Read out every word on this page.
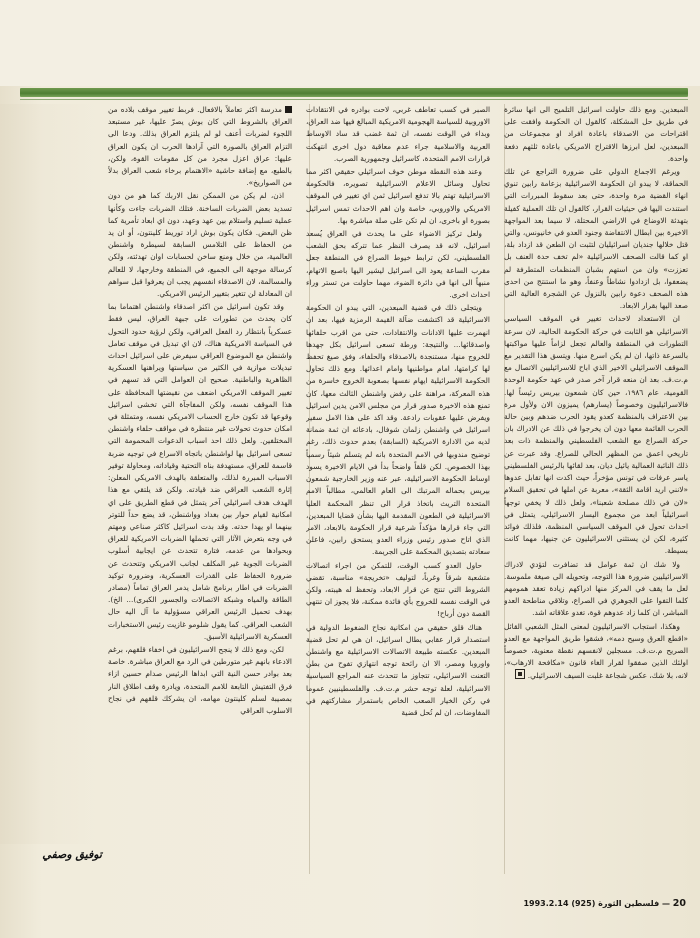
مدرسة اكثر تعاملاً بالافعال. فربط تغيير موقف بلاده من العراق بالشروط التي كان بوش يصرّ عليها، غير مستبعد اللجوء لضربات أعنف لو لم يلتزم العراق بذلك. ودعا الى التزام العراق بالصورة التي آرادها الحرب ان يكون العراق عليها: عراق اعزل مجرد من كل مقومات القوة، ولكن، بالطبع، مع إضافة حاشية «الاهتمام برخاء شعب العراق بدلاً من الصواريخ».

اذن، لم يكن من الممكن نقل الاربك كما هو من دون تسديد بعض الضربات الساخنة. فتلك الضربات جاءت وكأنها عملية تسليم واستلام بين عهد وعهد، دون اي ابعاد تأمرية كما ظن البعض. فكان يكون بوش اراد توريط كلينتون، أو ان يد من الحفاظ على التلامس السابقة لسيطرة واشنطن العالمية، من خلال ومنع ساخن لحسابات اوان تهدئته، ولكن كرسالة موجهة الى الجميع، في المنطقة وخارجها، لا للعالم والمسالمة، لان الاصدقاء انفسهم يجب ان يعرفوا قبل سواهم ان المعادلة لن تتغير بتغيير الرئيس الامريكي.

وقد تكون اسرائيل من اكثر اصدقاء واشنطن اهتماما بما كان يحدث من تطورات على جبهة العراق، ليس فقط عسكرياً بانتظار رد الفعل العراقي، ولكن لرؤية حدود التحول في السياسة الامريكية هناك، لان اي تبديل في موقف تعامل واشنطن مع الموضوع العراقي سيفرض على اسرائيل احداث تبديلات موازية في الكثير من سياستها ويراهنها العسكرية الظاهرية والباطنية. صحيح ان العوامل التي قد تسهم في تغيير الموقف الامريكي اضعف من نقيضتها المحافظة على هذا الموقف نفسه، ولكن المفاجآة التي تخشى اسرائيل وقوعها قد تكون خارج الحساب الامريكي نفسه، ومتمثلة في امكان حدوث تحولات غير منتظرة في مواقف حلفاء واشنطن المختلفين. ولعل ذلك احد اسباب الدعوات المحمومة التي تسعى اسرائيل بها لواشنطن باتجاه الاسراع في توجيه ضربة قاسمة للعراق، مستهدفة بناه التحتية وقياداته، ومحاولة توفير الاسباب المبررة لذلك، والمتعلقة بالهدف الامريكي المعلن: إثارة الشعب العراقي ضد قيادته. ولكن قد يلتقي مع هذا الهدف هدف اسرائيلي آخر يتمثل في قطع الطريق على اي امكانية لقيام حوار بين بغداد وواشنطن، قد يضع حداً للتوتر بينهما او يهدا حدته. وقد بدت اسرائيل كاكثر صناعي ومهتم في وجه بتعرض الآثار التي تحملها الضربات الامريكية للعراق وبحوادها من عدمه، فتارة تتحدث عن ايجابية أسلوب الضربات الجوية غير المكلف لجانب الامريكي وتتحدث عن ضرورة الحفاظ على القدرات العسكرية، وضرورة توكيد الضربات في اطار برنامج شامل يدمر العراق تماماً (مصادر الطاقة والمياه وشبكة الاتصالات والجسور الكبرى)... الخ). بهدف تحميل الرئيس العراقي مسؤولية ما آل اليه حال الشعب العراقي. كما يقول شلومو غازيت رئيس الاستخبارات العسكرية الاسرائيلية الأسبق.

لكن، ومع ذلك لا ينجح الاسرائيليون في اخفاء قلقهم، برغم الادعاء بانهم غير متورطين في الرد مع العراق مباشرة. خاصة بعد بوادر حسن النية التي ابداها الرئيس صدام حسين ازاء فرق التفتيش التابعة للامم المتحدة، ويادرة وقف اطلاق النار بمصيبة لسلم كلينتون مهامه، ان يشركك قلقهم في نجاح الاسلوب العراقي

الصبر في كسب تعاطف غربي، لاحت بوادره في الانتقادات الاوروبية للسياسة الهجومية الامريكية المبالغ فيها ضد العراق، وبداء في الوقت نفسه، ان ثمة غضب قد ساد الاوساط العربية والاسلامية جراء عدم معاقبة دول اخرى انتهكت قرارات الامم المتحدة، كاسرائيل وجمهورية الصرب.

وعند هذه النقطة موطن خوف اسرائيلي حقيقي اكثر مما تحاول وسائل الاعلام الاسرائيلية تصويره، فالحكومة الاسرائيلية تهتم بالا تدفع اسرائيل ثمن اي تغيير في الموقف الامريكي والاوروبي، خاصة وان اهم الاحداث تمس اسرائيل بصورة او باخرى، ان لم تكن على صلة مباشرة بها.

ولعل تركيز الاضواء على ما يحدث في العراق يُسعد اسرائيل، لانه قد يصرف النظر عما تتركه بحق الشعب الفلسطيني، لكن ترابط خيوط الصراع في المنطقة جعل مقرب الساعة يعود الى اسرائيل ليشير اليها باصبع الاتهام، منبهاً الى انها في دائرة الضوء، مهما حاولت من تستر وراء احداث اخرى.

ويتجلى ذلك في قضية المبعدين، التي يبدو ان الحكومة الاسرائيلية قد اكتشفت ضآلة القيمة الرمزية فيها، بعد ان انهمرت عليها الادانات والانتقادات، حتى من اقرب حلفائها واصدقائها... والنتيجة: ورطة تسعى اسرائيل بكل جهدها للخروج منها، مستنجدة بالاصدقاء والحلفاء، وفق صيغ تحفظ لها كرامتها، امام مواطنيها وامام اعدائها. ومع ذلك تحاول الحكومة الاسرائيلية ايهام نفسها بصعوبة الخروج خاسرة من هذه المعركة، مراهنة على رفض واشنطن الثالث معها، كان تمنع هذه الاخيرة صدور قرار من مجلس الامن يدين اسرائيل ويفرض عليها عقوبات رادعة. وقد اكد على هذا الامل سفير اسرائيل في واشنطن زلمان شوفال، بادعائه ان ثمة ضمانة لديه من الادارة الامريكية (السابقة) بعدم حدوث ذلك، رغم توضيح مندوبها في الامم المتحدة بانه لم يتسلم شيئاً رسمياً بهذا الخصوص. لكن قلقاً واضحاً بدأ في الايام الاخيرة يسود اوساط الحكومة الاسرائيلية، عبر عنه وزير الخارجية شمعون بيريس بحماله المرتبك الى العام العالمي، مطالباً الامم المتحدة التريث باتخاذ قرار الى تنظر المحكمة العليا الاسرائيلية في الطعون المقدمة اليها بشأن قضايا المبعدين، التي جاء قرارها مؤكداً شرعية قرار الحكومة بالابعاد، الامر الذي اتاح صدور رئيس وزراء العدو يستحق رابين، فاعلن سعادته بتصديق المحكمة على الجريمة.

حاول العدو كسب الوقت، للتمكن من اجراء اتصالات متشعبة شرقاً وغرباً، لتوليف «تخريجة» مناسبة، تقضي الشروط التي تنتج عن قرار الابعاد، وتحفظ له هيبته، ولكن في الوقت نفسه للخروج بأي فائدة ممكنة، فلا يجوز ان تنتهي القصة دون أرباح!

هناك قلق حقيقي من امكانية نجاح الضغوط الدولية في استصدار قرار عقابي يطال اسرائيل، ان هي لم تحل قضية المبعدين. عكسته طبيعة الاتصالات الاسرائيلية مع واشنطن واوروبا ومصر، الا ان رائحة توجه انتهازي تفوح من بطن التعنت الاسرائيلي، تتجاوز ما تتحدث عنه المراجع السياسية الاسرائيلية، لعلة توجه حشر م.ت.ف. والفلسطينيين عموما في ركن الخيار الصعب الخاص باستمرار مشاركتهم في المفاوضات، ان لم تُحل قضية

المبعدين. ومع ذلك حاولت اسرائيل التلميح الى انها سائرة في طريق حل المشكلة، كالقول ان الحكومة وافقت على اقتراحات من الاصدقاء باعادة افراد او مجموعات من المبعدين، لعل ابرزها الاقتراح الامريكي باعادة ثلثهم دفعة واحدة.

ويرغم الاجماع الدولي على ضرورة التراجع عن تلك الحماقة، لا يبدو ان الحكومة الاسرائيلية بزعامة رابين تنوي انهاء القضية مرة واحدة، حتى بعد سقوط المبررات التي استندت اليها في حيثيات القرار، كالقول ان تلك العملية كفيلة بتهدئة الاوضاع في الاراضي المحتلة، لا سيما بعد المواجهة الاخيرة بين ابطال الانتفاضة وجنود العدو في خانيونس، والتي قتل خلالها جنديان اسرائيليان لتثبت ان الطعن قد ازداد بلة، او كما قالت الصحف الاسرائيلية «لم تخف حدة العنف بل تعززت» وان من استهم بشبان المنظمات المتطرفة لم يضعفوا، بل ازدادوا نشاطاً وعنفاً، وهو ما استنتج من احدى هذه الصحف دعوة رابين بالنزول عن الشجرة العالية التي صعد اليها بقرار الابعاد.

ان الاستعداد لاحداث تغيير في الموقف السياسي الاسرائيلي هو الثابت في حركة الحكومة الحالية، لان سرعة التطورات في المنطقة والعالم تجعل لزاماً عليها مواكبتها بالسرعة ذاتها، ان لم يكن اسرع منها. ويتسق هذا التقدير مع الموقف الاسرائيلي الاخير الذي اباح للاسرائيليين الاتصال مع م.ت.ف. بعد ان منعه قرار آخر صدر في عهد حكومة الوحدة القومية، عام ١٩٨٦، حين كان شمعون بيريس رئيساً لها. فالاسرائيليون وخصوصاً (يسارهم) يميزون الان ولأول مرة بين الاعتراف بالمنظمة كعدو يقود الحرب ضدهم وبين حالة الحرب القائمة معها دون ان يخرجوا في ذلك عن الادراك بان حركة الصراع مع الشعب الفلسطيني والمنظمة ذات بعد تاريخي اعمق من المظهر الحالي للصراع. وقد عبرت عن ذلك النائبة العمالية يائيل ديان، بعد لقائها بالرئيس الفلسطيني ياسر عرفات في تونس مؤخراً، حيث اكدت انها تقابل عدوها «لانني اريد اقامة الثقة»، معربة عن املها في تحقيق السلام «لان في ذلك مصلحة شعبنا»، ولعل ذلك لا يخفي توجهاً اسرائيلياً ابعد من مجموع اليسار الاسرائيلي، يتمثل في احداث تحول في الموقف السياسي المنظمة، فلذلك فوائد كثيرة، لكن لن يستثنى الاسرائيليون عن جنيها، مهما كانت بسيطة.

ولا شك ان ثمة عوامل قد تضافرت لتؤدي لادراك الاسرائيليين ضرورة هذا التوجه، وتحويله الى صيغة ملموسة. لعل ما يقف في المركز منها ادراكهم زيادة تعقد همومهم كلما التفوا على الجوهري في الصراع، وتلاقي مناطحة العدو المباشر، ان كلما زاد عدوهم قوة، تغدو علاقاته اشد.

وهكذا، استجاب الاسرائيليون لمعنى المثل الشعبي القائل «اقطع العرق وسيح دمه»، فشقوا طريق المواجهة مع العدو الصريح م.ت.ف. مسجلين لانفسهم نقطة معنوية، خصوصاً اولئك الذين صفقوا لقرار الغاء قانون «مكافحة الارهاب»، لانه، بلا شك، عكس شجاعة غلبت السيف الاسرائيلي.

توفيق وصفي
20 — فلسطين الثورة (925) 1993.2.14
